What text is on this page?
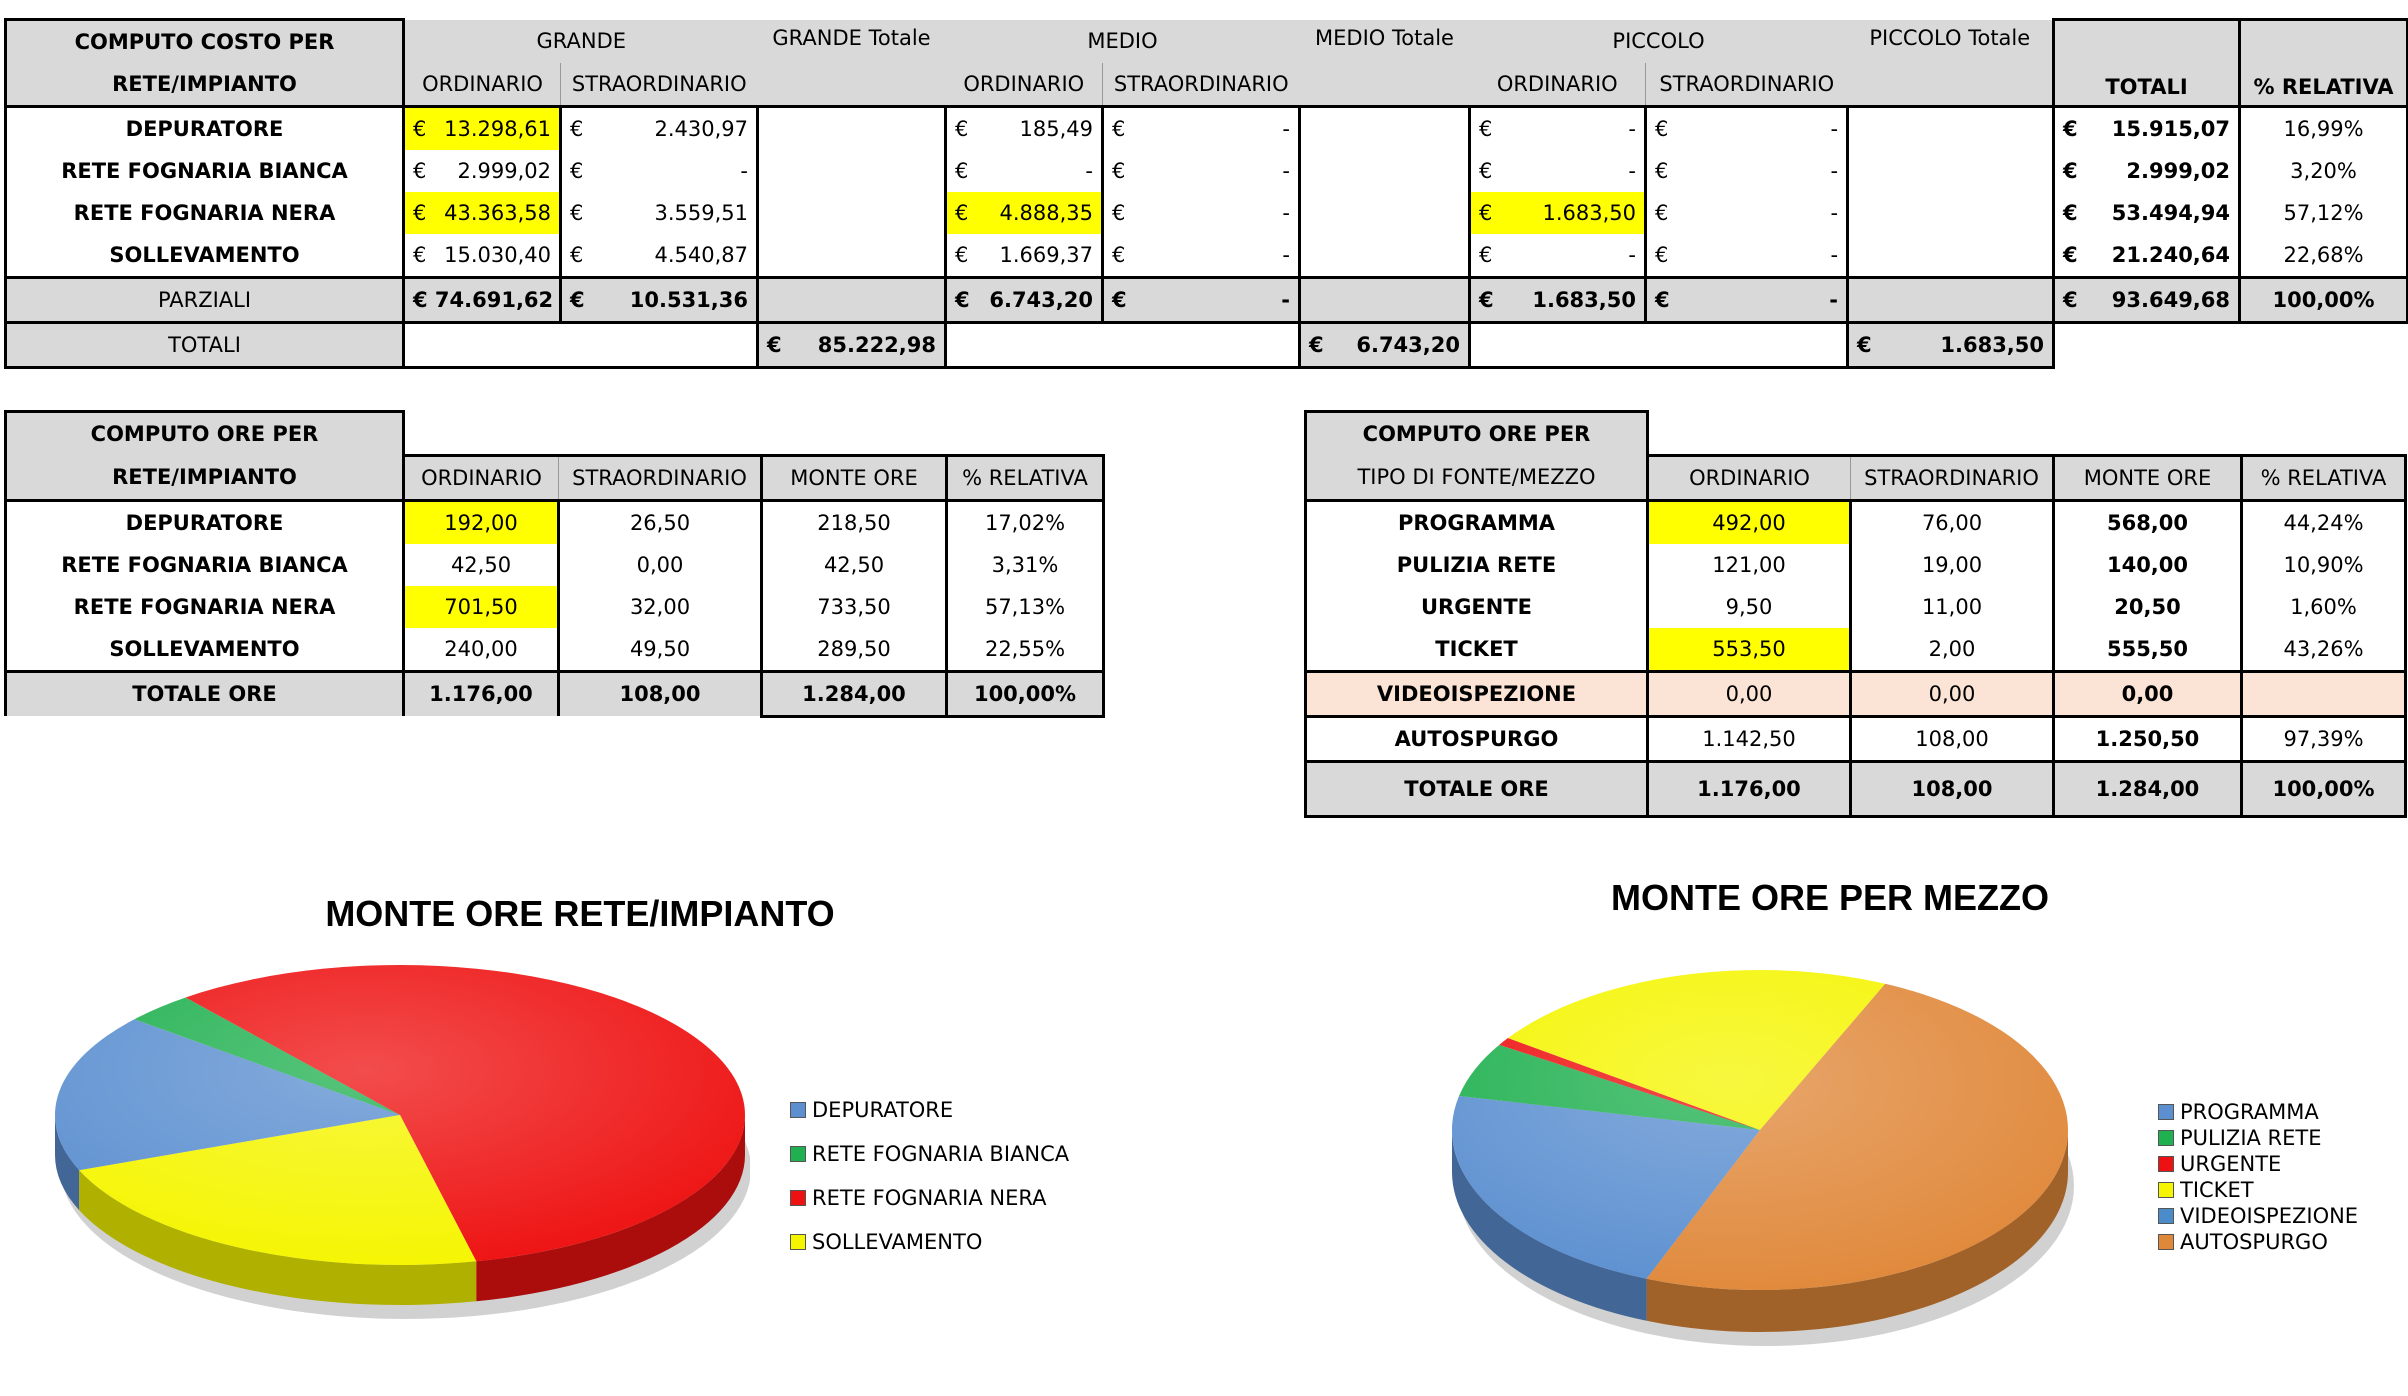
COMPUTO COSTO PER	GRANDE		GRANDE Totale	MEDIO		MEDIO Totale	PICCOLO		PICCOLO Totale	TOTALI	% RELATIVA
RETE/IMPIANTO	ORDINARIO	STRAORDINARIO		ORDINARIO	STRAORDINARIO		ORDINARIO	STRAORDINARIO			
DEPURATORE	€ 13.298,61	€ 2.430,97		€ 185,49	€ -		€ -	€ -		€ 15.915,07	16,99%
RETE FOGNARIA BIANCA	€ 2.999,02	€ -		€ -	€ -		€ -	€ -		€ 2.999,02	3,20%
RETE FOGNARIA NERA	€ 43.363,58	€ 3.559,51		€ 4.888,35	€ -		€ 1.683,50	€ -		€ 53.494,94	57,12%
SOLLEVAMENTO	€ 15.030,40	€ 4.540,87		€ 1.669,37	€ -		€ -	€ -		€ 21.240,64	22,68%
PARZIALI	€ 74.691,62	€ 10.531,36		€ 6.743,20	€ -		€ 1.683,50	€ -		€ 93.649,68	100,00%
TOTALI			€ 85.222,98			€ 6.743,20			€ 1.683,50		

COMPUTO ORE PER				
RETE/IMPIANTO	ORDINARIO	STRAORDINARIO	MONTE ORE	% RELATIVA
DEPURATORE	192,00	26,50	218,50	17,02%
RETE FOGNARIA BIANCA	42,50	0,00	42,50	3,31%
RETE FOGNARIA NERA	701,50	32,00	733,50	57,13%
SOLLEVAMENTO	240,00	49,50	289,50	22,55%
TOTALE ORE	1.176,00	108,00	1.284,00	100,00%
COMPUTO ORE PER				
TIPO DI FONTE/MEZZO	ORDINARIO	STRAORDINARIO	MONTE ORE	% RELATIVA
PROGRAMMA	492,00	76,00	568,00	44,24%
PULIZIA RETE	121,00	19,00	140,00	10,90%
URGENTE	9,50	11,00	20,50	1,60%
TICKET	553,50	2,00	555,50	43,26%
VIDEOISPEZIONE	0,00	0,00	0,00	
AUTOSPURGO	1.142,50	108,00	1.250,50	97,39%
TOTALE ORE	1.176,00	108,00	1.284,00	100,00%
MONTE ORE RETE/IMPIANTO
DEPURATORE
RETE FOGNARIA BIANCA
RETE FOGNARIA NERA
SOLLEVAMENTO
MONTE ORE PER MEZZO
PROGRAMMA
PULIZIA RETE
URGENTE
TICKET
VIDEOISPEZIONE
AUTOSPURGO
